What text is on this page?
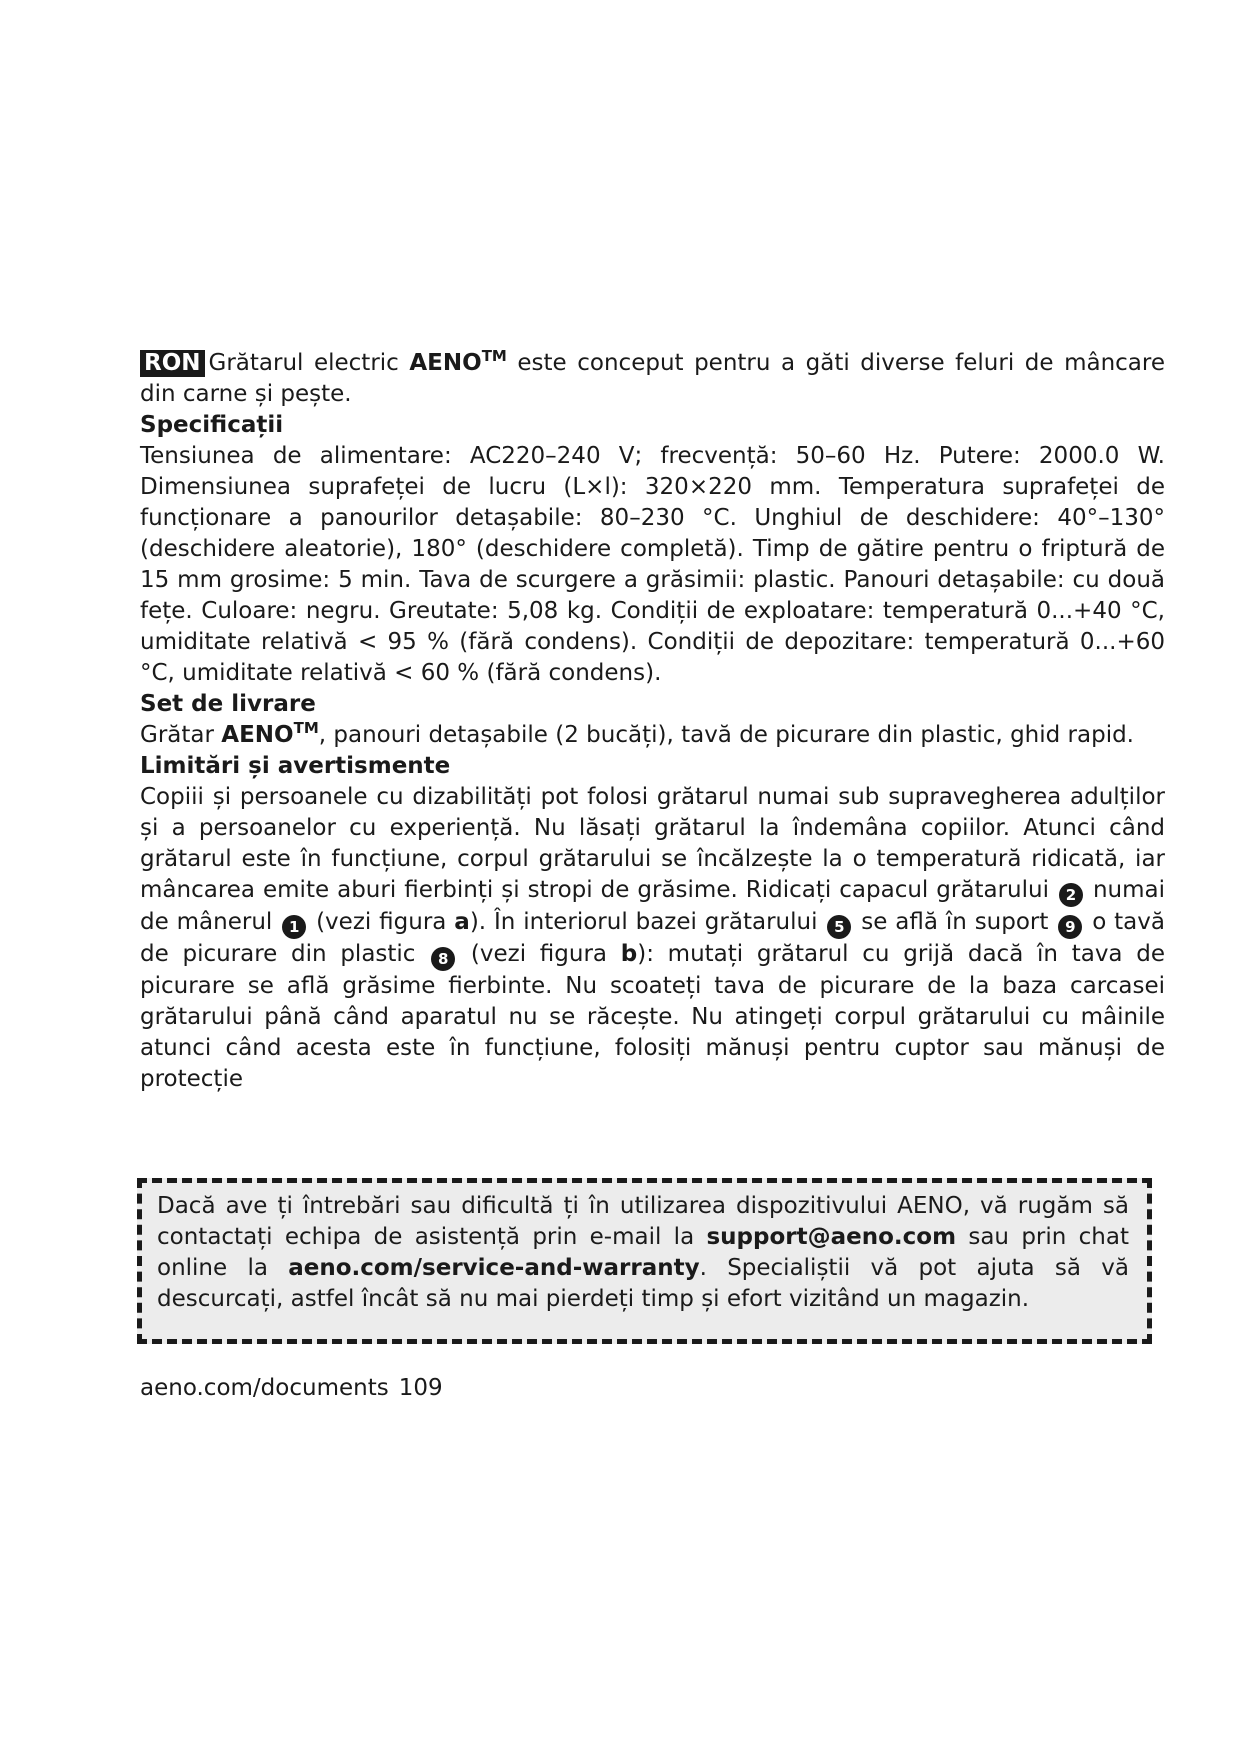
RON Grătarul electric AENO™ este conceput pentru a găti diverse feluri de mâncare din carne și pește.

Specificații

Tensiunea de alimentare: AC220–240 V; frecvență: 50–60 Hz. Putere: 2000.0 W. Dimensiunea suprafeței de lucru (L×l): 320×220 mm. Temperatura suprafeței de funcționare a panourilor detașabile: 80–230 °C. Unghiul de deschidere: 40°–130° (deschidere aleatorie), 180° (deschidere completă). Timp de gătire pentru o friptură de 15 mm grosime: 5 min. Tava de scurgere a grăsimii: plastic. Panouri detașabile: cu două fețe. Culoare: negru. Greutate: 5,08 kg. Condiții de exploatare: temperatură 0...+40 °C, umiditate relativă < 95 % (fără condens). Condiții de depozitare: temperatură 0...+60 °C, umiditate relativă < 60 % (fără condens).

Set de livrare

Grătar AENO™, panouri detașabile (2 bucăți), tavă de picurare din plastic, ghid rapid.

Limitări și avertismente

Copiii și persoanele cu dizabilități pot folosi grătarul numai sub supravegherea adulților și a persoanelor cu experiență. Nu lăsați grătarul la îndemâna copiilor. Atunci când grătarul este în funcțiune, corpul grătarului se încălzește la o temperatură ridicată, iar mâncarea emite aburi fierbinți și stropi de grăsime. Ridicați capacul grătarului 2 numai de mânerul 1 (vezi figura a). În interiorul bazei grătarului 5 se află în suport 9 o tavă de picurare din plastic 8 (vezi figura b): mutați grătarul cu grijă dacă în tava de picurare se află grăsime fierbinte. Nu scoateți tava de picurare de la baza carcasei grătarului până când aparatul nu se răcește. Nu atingeți corpul grătarului cu mâinile atunci când acesta este în funcțiune, folosiți mănuși pentru cuptor sau mănuși de protecție

Dacă ave ți întrebări sau dificultă ți în utilizarea dispozitivului AENO, vă rugăm să contactați echipa de asistență prin e-mail la support@aeno.com sau prin chat online la aeno.com/service-and-warranty. Specialiștii vă pot ajuta să vă descurcați, astfel încât să nu mai pierdeți timp și efort vizitând un magazin.
aeno.com/documents 109
